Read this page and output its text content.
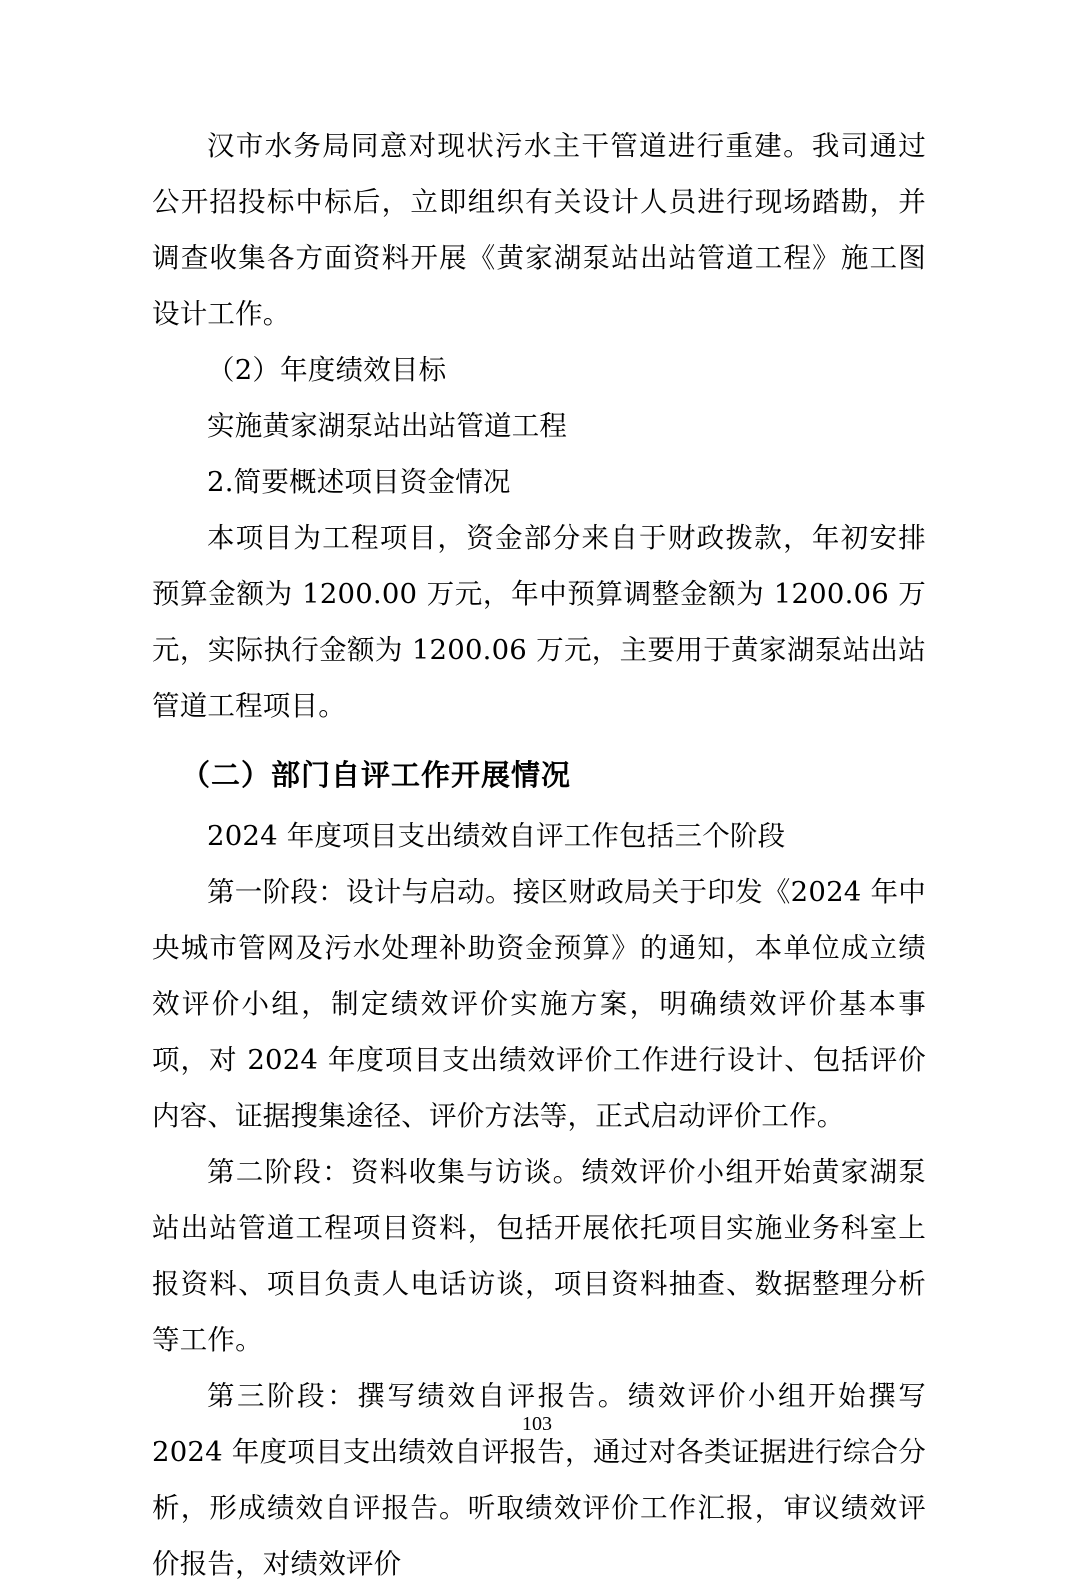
汉市水务局同意对现状污水主干管道进行重建。我司通过公开招投标中标后，立即组织有关设计人员进行现场踏勘，并调查收集各方面资料开展《黄家湖泵站出站管道工程》施工图设计工作。

（2）年度绩效目标

实施黄家湖泵站出站管道工程

2.简要概述项目资金情况

本项目为工程项目，资金部分来自于财政拨款，年初安排预算金额为 1200.00 万元，年中预算调整金额为 1200.06 万元，实际执行金额为 1200.06 万元，主要用于黄家湖泵站出站管道工程项目。

（二）部门自评工作开展情况

2024 年度项目支出绩效自评工作包括三个阶段

第一阶段：设计与启动。接区财政局关于印发《2024 年中央城市管网及污水处理补助资金预算》的通知，本单位成立绩效评价小组，制定绩效评价实施方案，明确绩效评价基本事项，对 2024 年度项目支出绩效评价工作进行设计、包括评价内容、证据搜集途径、评价方法等，正式启动评价工作。

第二阶段：资料收集与访谈。绩效评价小组开始黄家湖泵站出站管道工程项目资料，包括开展依托项目实施业务科室上报资料、项目负责人电话访谈，项目资料抽查、数据整理分析等工作。

第三阶段：撰写绩效自评报告。绩效评价小组开始撰写 2024 年度项目支出绩效自评报告，通过对各类证据进行综合分析，形成绩效自评报告。听取绩效评价工作汇报，审议绩效评价报告，对绩效评价

103
